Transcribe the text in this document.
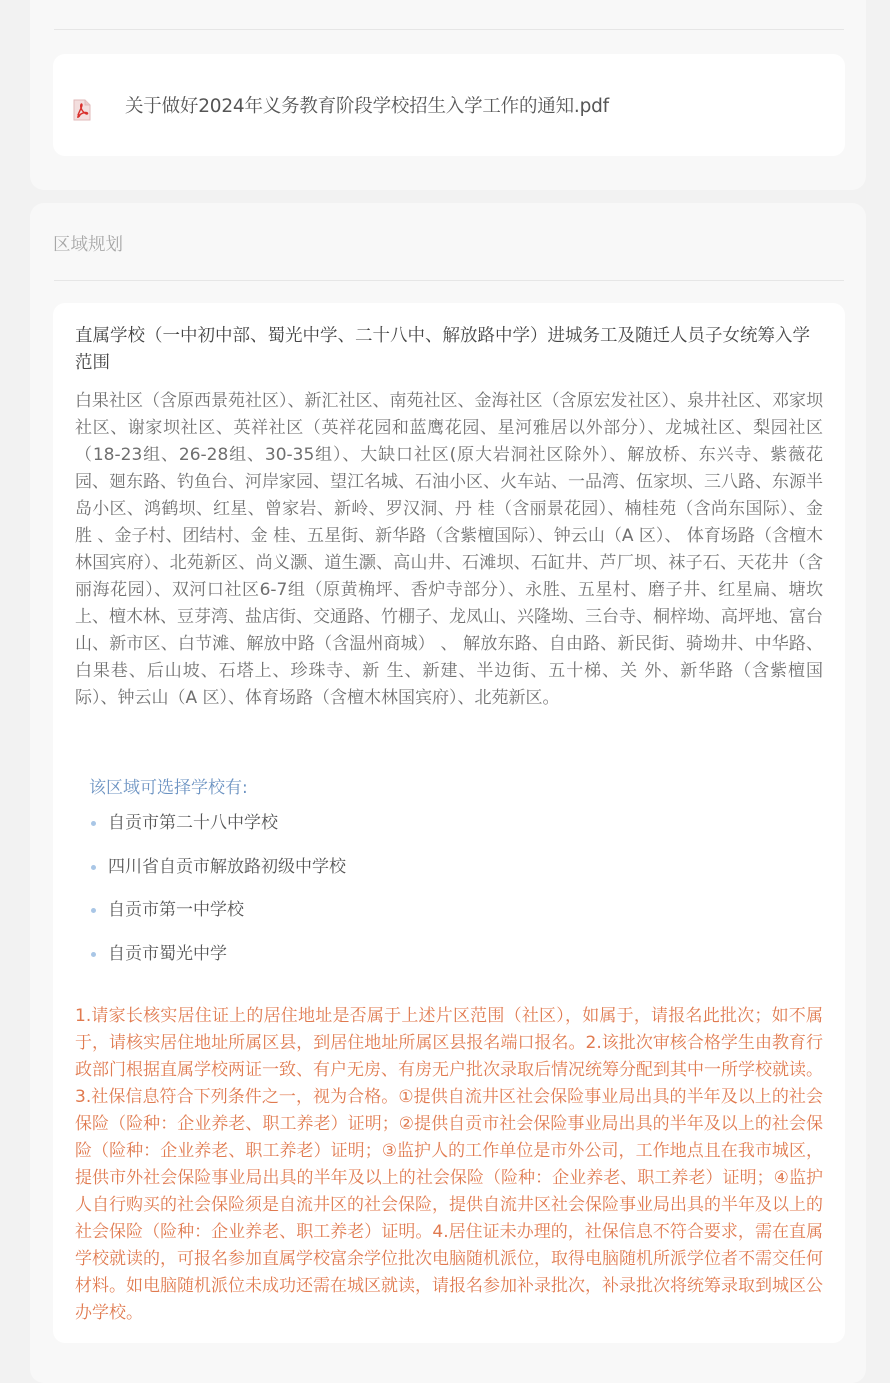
关于做好2024年义务教育阶段学校招生入学工作的通知.pdf
区域规划
直属学校（一中初中部、蜀光中学、二十八中、解放路中学）进城务工及随迁人员子女统筹入学范围
白果社区（含原西景苑社区）、新汇社区、南苑社区、金海社区（含原宏发社区）、泉井社区、邓家坝社区、谢家坝社区、英祥社区（英祥花园和蓝鹰花园、星河雅居以外部分）、龙城社区、梨园社区（18-23组、26-28组、30-35组）、大缺口社区(原大岩洞社区除外）、解放桥、东兴寺、紫薇花园、廻东路、钓鱼台、河岸家园、望江名城、石油小区、火车站、一品湾、伍家坝、三八路、东源半岛小区、鸿鹤坝、红星、曾家岩、新岭、罗汉洞、丹 桂（含丽景花园）、楠桂苑（含尚东国际）、金 胜 、金子村、团结村、金 桂、五星街、新华路（含紫檀国际）、钟云山（A 区）、 体育场路（含檀木林国宾府）、北苑新区、尚义灏、道生灏、高山井、石滩坝、石缸井、芦厂坝、袜子石、天花井（含丽海花园）、双河口社区6-7组（原黄桷坪、香炉寺部分）、永胜、五星村、磨子井、红星扁、塘坎上、檀木林、豆芽湾、盐店街、交通路、竹棚子、龙凤山、兴隆坳、三台寺、桐梓坳、高坪地、富台山、新市区、白节滩、解放中路（含温州商城） 、 解放东路、自由路、新民街、骑坳井、中华路、白果巷、后山坡、石塔上、珍珠寺、新 生、新建、半边街、五十梯、关 外、新华路（含紫檀国际）、钟云山（A 区）、体育场路（含檀木林国宾府）、北苑新区。
该区域可选择学校有:
自贡市第二十八中学校
四川省自贡市解放路初级中学校
自贡市第一中学校
自贡市蜀光中学
1.请家长核实居住证上的居住地址是否属于上述片区范围（社区），如属于，请报名此批次；如不属于，请核实居住地址所属区县，到居住地址所属区县报名端口报名。2.该批次审核合格学生由教育行政部门根据直属学校两证一致、有户无房、有房无户批次录取后情况统筹分配到其中一所学校就读。3.社保信息符合下列条件之一，视为合格。①提供自流井区社会保险事业局出具的半年及以上的社会保险（险种：企业养老、职工养老）证明；②提供自贡市社会保险事业局出具的半年及以上的社会保险（险种：企业养老、职工养老）证明；③监护人的工作单位是市外公司，工作地点且在我市城区，提供市外社会保险事业局出具的半年及以上的社会保险（险种：企业养老、职工养老）证明；④监护人自行购买的社会保险须是自流井区的社会保险，提供自流井区社会保险事业局出具的半年及以上的社会保险（险种：企业养老、职工养老）证明。4.居住证未办理的，社保信息不符合要求，需在直属学校就读的，可报名参加直属学校富余学位批次电脑随机派位，取得电脑随机所派学位者不需交任何材料。如电脑随机派位未成功还需在城区就读，请报名参加补录批次，补录批次将统筹录取到城区公办学校。
